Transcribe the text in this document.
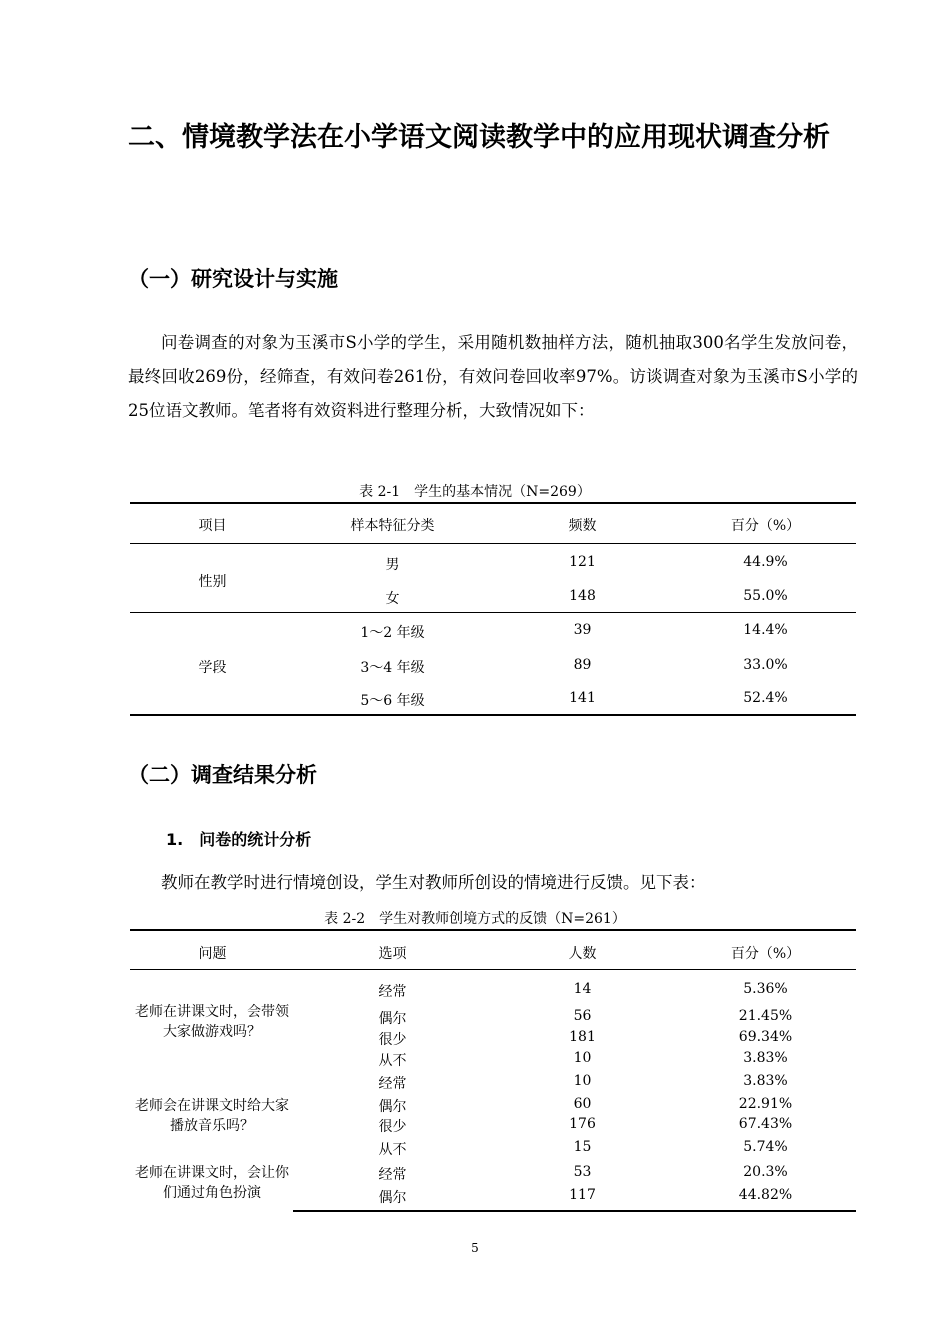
二、情境教学法在小学语文阅读教学中的应用现状调查分析
（一）研究设计与实施

问卷调查的对象为玉溪市S小学的学生，采用随机数抽样方法，随机抽取300名学生发放问卷，最终回收269份，经筛查，有效问卷261份，有效问卷回收率97%。访谈调查对象为玉溪市S小学的25位语文教师。笔者将有效资料进行整理分析，大致情况如下：

表 2-1　学生的基本情况（N=269）
项目	样本特征分类	频数	百分（%）
性别
男	121	44.9%
女	148	55.0%
学段
1～2 年级	39	14.4%
3～4 年级	89	33.0%
5～6 年级	141	52.4%
（二）调查结果分析
1.　问卷的统计分析

教师在教学时进行情境创设，学生对教师所创设的情境进行反馈。见下表：

表 2-2　学生对教师创境方式的反馈（N=261）
问题	选项	人数	百分（%）
老师在讲课文时，会带领大家做游戏吗？
经常	14	5.36%
偶尔	56	21.45%
很少	181	69.34%
从不	10	3.83%
老师会在讲课文时给大家播放音乐吗？
经常	10	3.83%
偶尔	60	22.91%
很少	176	67.43%
从不	15	5.74%
老师在讲课文时，会让你们通过角色扮演
经常	53	20.3%
偶尔	117	44.82%
5
